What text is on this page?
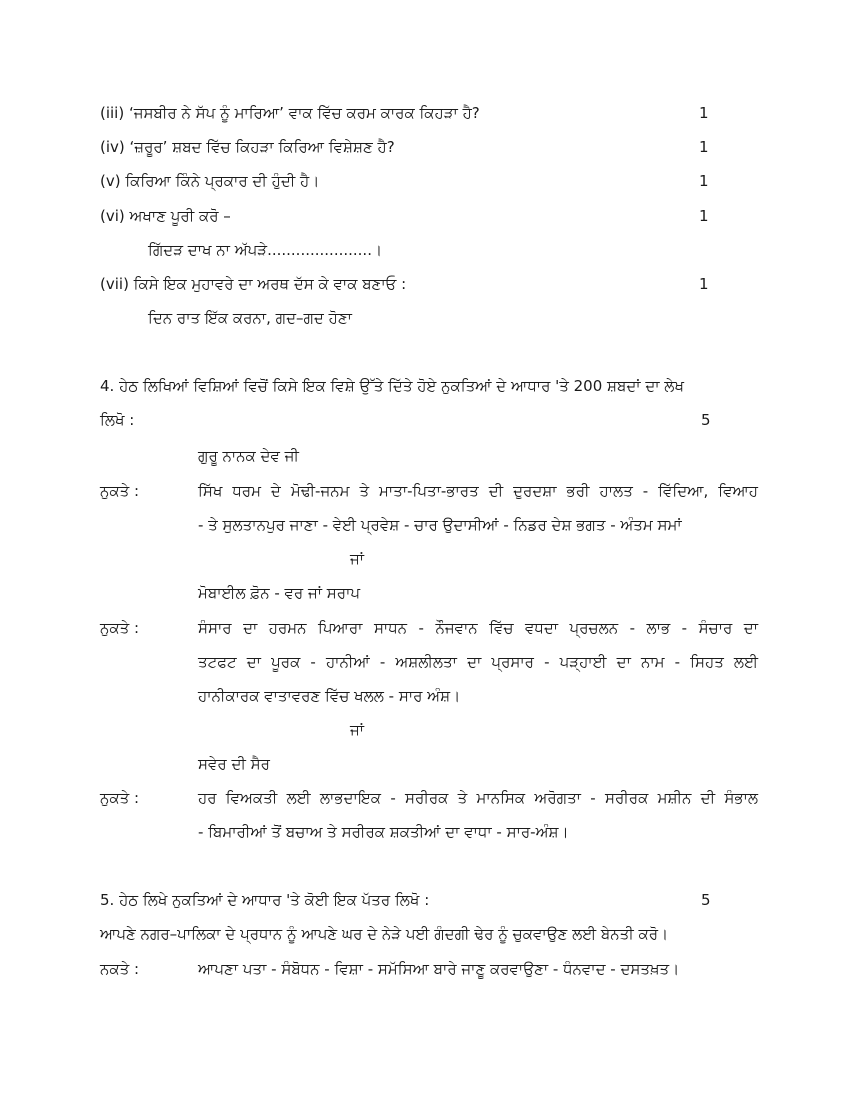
(iii) ‘ਜਸਬੀਰ ਨੇ ਸੱਪ ਨੂੰ ਮਾਰਿਆ’ ਵਾਕ ਵਿੱਚ ਕਰਮ ਕਾਰਕ ਕਿਹੜਾ ਹੈ?	1
(iv) ‘ਜ਼ਰੂਰ’ ਸ਼ਬਦ ਵਿੱਚ ਕਿਹੜਾ ਕਿਰਿਆ ਵਿਸ਼ੇਸ਼ਣ ਹੈ?	1
(v) ਕਿਰਿਆ ਕਿੰਨੇ ਪ੍ਰਕਾਰ ਦੀ ਹੁੰਦੀ ਹੈ।	1
(vi) ਅਖਾਣ ਪੂਰੀ ਕਰੋ –	1
ਗਿੱਦੜ ਦਾਖ ਨਾ ਅੱਪੜੇ......................।
(vii) ਕਿਸੇ ਇਕ ਮੁਹਾਵਰੇ ਦਾ ਅਰਥ ਦੱਸ ਕੇ ਵਾਕ ਬਣਾਓ :	1
ਦਿਨ ਰਾਤ ਇੱਕ ਕਰਨਾ, ਗਦ–ਗਦ ਹੋਣਾ
4. ਹੇਠ ਲਿਖਿਆਂ ਵਿਸ਼ਿਆਂ ਵਿਚੋਂ ਕਿਸੇ ਇਕ ਵਿਸ਼ੇ ਉੱਤੇ ਦਿੱਤੇ ਹੋਏ ਨੁਕਤਿਆਂ ਦੇ ਆਧਾਰ 'ਤੇ 200 ਸ਼ਬਦਾਂ ਦਾ ਲੇਖ
ਲਿਖੋ :	5
ਗੁਰੂ ਨਾਨਕ ਦੇਵ ਜੀ
ਨੁਕਤੇ :	ਸਿੱਖ ਧਰਮ ਦੇ ਮੋਢੀ-ਜਨਮ ਤੇ ਮਾਤਾ-ਪਿਤਾ-ਭਾਰਤ ਦੀ ਦੁਰਦਸ਼ਾ ਭਰੀ ਹਾਲਤ - ਵਿੱਦਿਆ, ਵਿਆਹ
- ਤੇ ਸੁਲਤਾਨਪੁਰ ਜਾਣਾ - ਵੇਈ ਪ੍ਰਵੇਸ਼ - ਚਾਰ ਉਦਾਸੀਆਂ - ਨਿਡਰ ਦੇਸ਼ ਭਗਤ - ਅੰਤਮ ਸਮਾਂ
ਜਾਂ
ਮੋਬਾਈਲ ਫ਼ੋਨ - ਵਰ ਜਾਂ ਸਰਾਪ
ਨੁਕਤੇ :	ਸੰਸਾਰ ਦਾ ਹਰਮਨ ਪਿਆਰਾ ਸਾਧਨ - ਨੌਜਵਾਨ ਵਿੱਚ ਵਧਦਾ ਪ੍ਰਚਲਨ - ਲਾਭ - ਸੰਚਾਰ ਦਾ
ਤਟਫਟ ਦਾ ਪੂਰਕ - ਹਾਨੀਆਂ - ਅਸ਼ਲੀਲਤਾ ਦਾ ਪ੍ਰਸਾਰ - ਪੜ੍ਹਾਈ ਦਾ ਨਾਮ - ਸਿਹਤ ਲਈ
ਹਾਨੀਕਾਰਕ ਵਾਤਾਵਰਣ ਵਿੱਚ ਖਲਲ - ਸਾਰ ਅੰਸ਼।
ਜਾਂ
ਸਵੇਰ ਦੀ ਸੈਰ
ਨੁਕਤੇ :	ਹਰ ਵਿਅਕਤੀ ਲਈ ਲਾਭਦਾਇਕ - ਸਰੀਰਕ ਤੇ ਮਾਨਸਿਕ ਅਰੋਗਤਾ - ਸਰੀਰਕ ਮਸ਼ੀਨ ਦੀ ਸੰਭਾਲ
- ਬਿਮਾਰੀਆਂ ਤੋਂ ਬਚਾਅ ਤੇ ਸਰੀਰਕ ਸ਼ਕਤੀਆਂ ਦਾ ਵਾਧਾ - ਸਾਰ-ਅੰਸ਼।
5. ਹੇਠ ਲਿਖੇ ਨੁਕਤਿਆਂ ਦੇ ਆਧਾਰ 'ਤੇ ਕੋਈ ਇਕ ਪੱਤਰ ਲਿਖੋ :	5
ਆਪਣੇ ਨਗਰ–ਪਾਲਿਕਾ ਦੇ ਪ੍ਰਧਾਨ ਨੂੰ ਆਪਣੇ ਘਰ ਦੇ ਨੇੜੇ ਪਈ ਗੰਦਗੀ ਢੇਰ ਨੂੰ ਚੁਕਵਾਉਣ ਲਈ ਬੇਨਤੀ ਕਰੋ।
ਨਕਤੇ :	ਆਪਣਾ ਪਤਾ - ਸੰਬੋਧਨ - ਵਿਸ਼ਾ - ਸਮੱਸਿਆ ਬਾਰੇ ਜਾਣੂ ਕਰਵਾਉਣਾ - ਧੰਨਵਾਦ - ਦਸਤਖ਼ਤ।
